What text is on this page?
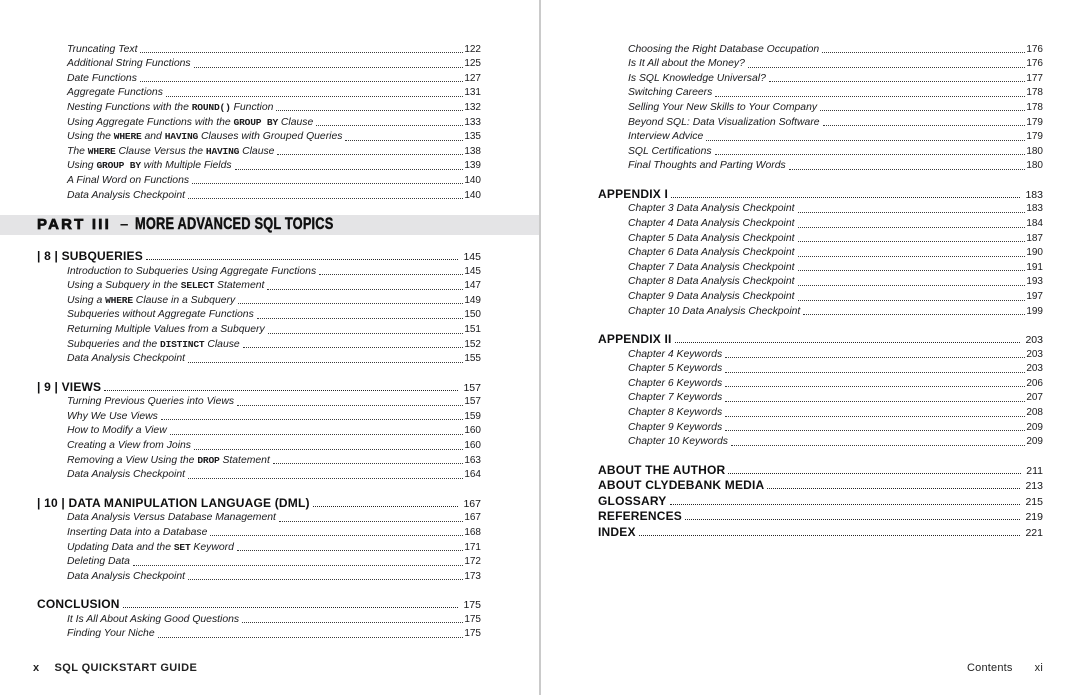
Truncating Text	122
Additional String Functions	125
Date Functions	127
Aggregate Functions	131
Nesting Functions with the ROUND() Function	132
Using Aggregate Functions with the GROUP BY Clause	133
Using the WHERE and HAVING Clauses with Grouped Queries	135
The WHERE Clause Versus the HAVING Clause	138
Using GROUP BY with Multiple Fields	139
A Final Word on Functions	140
Data Analysis Checkpoint	140
PART III – MORE ADVANCED SQL TOPICS
| 8 | SUBQUERIES	145
Introduction to Subqueries Using Aggregate Functions	145
Using a Subquery in the SELECT Statement	147
Using a WHERE Clause in a Subquery	149
Subqueries without Aggregate Functions	150
Returning Multiple Values from a Subquery	151
Subqueries and the DISTINCT Clause	152
Data Analysis Checkpoint	155
| 9 | VIEWS	157
Turning Previous Queries into Views	157
Why We Use Views	159
How to Modify a View	160
Creating a View from Joins	160
Removing a View Using the DROP Statement	163
Data Analysis Checkpoint	164
| 10 | DATA MANIPULATION LANGUAGE (DML)	167
Data Analysis Versus Database Management	167
Inserting Data into a Database	168
Updating Data and the SET Keyword	171
Deleting Data	172
Data Analysis Checkpoint	173
CONCLUSION	175
It Is All About Asking Good Questions	175
Finding Your Niche	175
x SQL QUICKSTART GUIDE
Choosing the Right Database Occupation	176
Is It All about the Money?	176
Is SQL Knowledge Universal?	177
Switching Careers	178
Selling Your New Skills to Your Company	178
Beyond SQL: Data Visualization Software	179
Interview Advice	179
SQL Certifications	180
Final Thoughts and Parting Words	180
APPENDIX I	183
Chapter 3 Data Analysis Checkpoint	183
Chapter 4 Data Analysis Checkpoint	184
Chapter 5 Data Analysis Checkpoint	187
Chapter 6 Data Analysis Checkpoint	190
Chapter 7 Data Analysis Checkpoint	191
Chapter 8 Data Analysis Checkpoint	193
Chapter 9 Data Analysis Checkpoint	197
Chapter 10 Data Analysis Checkpoint	199
APPENDIX II	203
Chapter 4 Keywords	203
Chapter 5 Keywords	203
Chapter 6 Keywords	206
Chapter 7 Keywords	207
Chapter 8 Keywords	208
Chapter 9 Keywords	209
Chapter 10 Keywords	209
ABOUT THE AUTHOR	211
ABOUT CLYDEBANK MEDIA	213
GLOSSARY	215
REFERENCES	219
INDEX	221
Contents xi
